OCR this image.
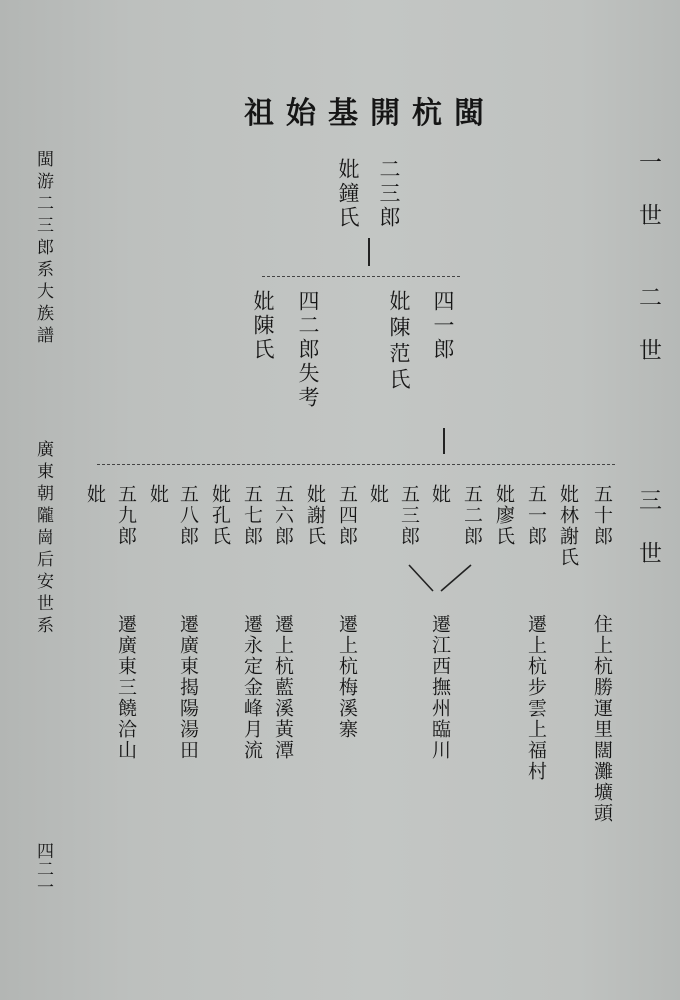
祖始基開杭閩
閩游二三郎系大族譜
廣東朝隴崗后安世系
四二一
一世
二世
三世
二三郎
妣鐘氏
四一郎
妣陳范氏
四二郎失考
妣陳氏
五十郎
妣林謝氏
五一郎
妣廖氏
五二郎
妣
五三郎
妣
五四郎
妣謝氏
五六郎
五七郎
妣孔氏
五八郎
妣
五九郎
妣
住上杭勝運里闊灘壙頭
遷上杭步雲上福村
遷江西撫州臨川
遷上杭梅溪寨
遷上杭藍溪黃潭
遷永定金峰月流
遷廣東揭陽湯田
遷廣東三饒洽山
